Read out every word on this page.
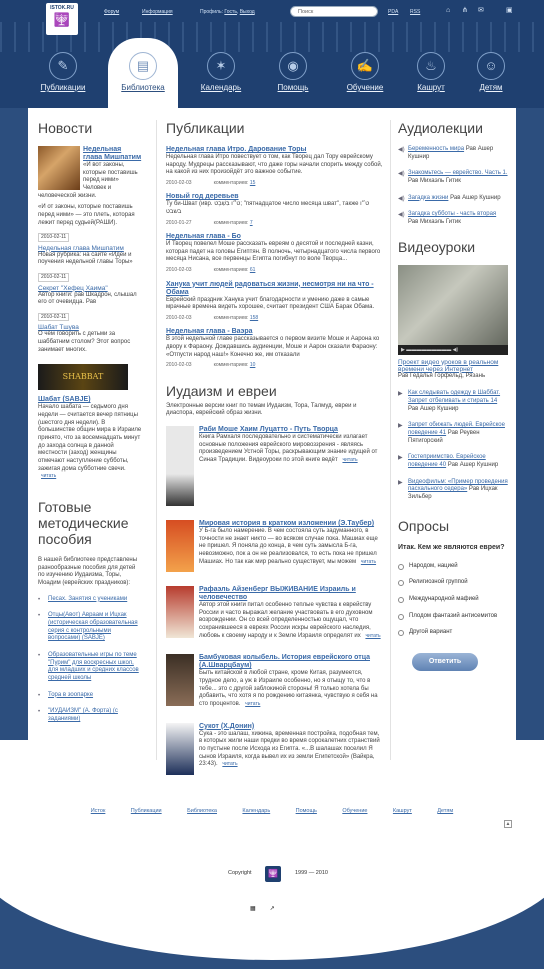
ISTOK.RU
🕎
Форум	Информация	Профиль: Гость, Выход	Поиск	PDA RSS	⌂ ⋔ ✉	▣
✎
Публикации
▤
Библиотека
✶
Календарь
◉
Помощь
✍
Обучение
♨
Кашрут
☺
Детям
Новости
Недельная глава Мишпатим
«И вот законы, которые поставишь перед ними» Человек и человеческой жизни.
«И от законы, которые поставишь перед ними» — это плеть, которая лежит перед судьей(РАШИ).
2010-02-11
Недельная глава Мишпатим
Новая рубрика: на сайте «Идеи и поучения недельной главы Торы»
2010-02-11
Секрет "Хефец Хаима"
Автор книги: рав Шкадрон, слышал его от очевидца. Рав
2010-02-11
Шабат Тшува
О чём говорить с детьми за шаббатним столом? Этот вопрос занимает многих.
SHABBAT
Шабат (SABJE)
Начало шабата — седьмого дня недели — считается вечер пятницы (шестого дня недели). В большинстве общин мира в Израиле принято, что за восемнадцать минут до захода солнца в данной местности (заход) женщины отмечают наступление субботы, зажигая дома субботние свечи. читать
Готовые методические пособия
В нашей библиотеке представлены разнообразные пособия для детей по изучению Иудаизма, Торы, Моадим (еврейских праздников):
• Песах. Занятия с учениками
• Отцы(Авот) Авраам и Ицхак (историческая образовательная серия с контрольными вопросами) (SABJE)
• Образовательные игры по теме "Пурим" для воскресных школ, для младших и средних классов средней школы
• Тора в зоопарке
• "ИУДАИЗМ" (А. Форта) (с заданиями)
Публикации
Недельная глава Итро. Дарование Торы
Недельная глава Итро повествует о том, как Творец дал Тору еврейскому народу. Мудрецы рассказывают, что даже горы начали спорить между собой, на какой из них произойдёт это важное событие.
2010-02-03	комментариев: 15
Новый год деревьев
Ту би-Шват (ивр. ט״ו בִּשְׁבָט; "пятнадцатое число месяца шват", также ט״ו בשבט
2010-01-27	комментариев: 7
Недельная глава - Бо
И Творец повелел Моше рассказать евреям о десятой и последней казни, которая падет на головы Египтян. В полночь, четырнадцатого числа первого месяца Нисана, все первенцы Египта погибнут по воле Творца...
2010-02-03	комментариев: 61
Ханука учит людей радоваться жизни, несмотря ни на что - Обама
Еврейский праздник Ханука учит благодарности и умению даже в самые мрачные времена видеть хорошее, считает президент США Барак Обама.
2010-02-03	комментариев: 158
Недельная глава - Ваэра
В этой недельной главе рассказывается о первом визите Моше и Аарона ко двору к Фараону. Дождавшись аудиенции, Моше и Аарон сказали Фараону: «Отпусти народ наш!» Конечно же, им отказали
2010-02-03	комментариев: 10
Иудаизм и евреи
Электронные версии книг по темам Иудаизм, Тора, Талмуд, евреи и диаспора, еврейский образ жизни.
Раби Моше Хаим Луцатто - Путь Творца
Книга Рамхаля последовательно и систематически излагает основные положения еврейского мировоззрения - являясь произведением Устной Торы, раскрывающим знание идущей от Синая Традиции. Видеоуроки по этой книге ведёт читать
Мировая история в кратком изложении (Э.Таубер)
У Б-га было намерение. В чем состояла суть задуманного, в точности не знает никто — во всяком случае пока. Машиах еще не пришел. Я поняла до конца, в чем суть замысла Б-га, невозможно, пок а он не реализовался, то есть пока не пришел Машиах. Но так как мир реально существует, мы можем читать
Рафаэль Айзенберг ВЫЖИВАНИЕ Израиль и человечество
Автор этой книги питал особенно теплые чувства к еврейству России и часто выражал желание участвовать в его духовном возрождении. Он со всей определенностью ощущал, что сохранившееся в евреях России искры еврейского наследия, любовь к своему народу и к Земле Израиля определят их читать
Бамбуковая колыбель. История еврейского отца (А.Шварцбаум)
Быть китайской в любой стране, кроме Китая, разумеется, трудное дело, а уж в Израиле особенно, но я отыщу то, что в тебе... это с другой заблокиной стороны! Я только хотела бы добавить, что хотя я по рождению китаянка, чувствую я себя на сто процентов. читать
Сукот (Х.Донин)
Сука - это шалаш, хижина, временная постройка, подобная тем, в которых жили наши предки во время сорокалетних странствий по пустыне после Исхода из Египта. «...В шалашах поселил Я сынов Израиля, когда вывел их из земли Египетской» (Вайкра, 23:43). читать
Аудиолекции
◀) Беременность мира Рав Ашер Кушнир
◀) Знакомьтесь — еврейство. Часть 1. Рав Михаэль Гитик
◀) Загадка жизни Рав Ашер Кушнир
◀) Загадка субботы - часть вторая Рав Михаэль Гитик
Видеоуроки
▶ ▬▬▬▬▬▬▬▬▬ ◀)
Проект видео уроков в реальном времени через Интернет
Рав Гедалья Горфельд, Рязань
▶ Как следывать одежду в Шаббат. Запрет отбеливать и стирать 14 Рав Ашер Кушнир
▶ Запрет обижать людей. Еврейское поведение 41 Рав Реувен Пятигорский
▶ Гостеприимство. Еврейское поведение 40 Рав Ашер Кушнир
▶ Видеофильм: «Пример проведения пасхального седера» Рав Ицхак Зильбер
Опросы
Итак. Кем же являются евреи?
Народом, нацией
Религиозной группой
Международной мафией
Плодом фантазий антисемитов
Другой вариант
Ответить
Исток	Публикации	Библиотека	Календарь	Помощь	Обучение	Кашрут	Детям
▲
Copyright	🕎	1999 — 2010
▦ ↗
